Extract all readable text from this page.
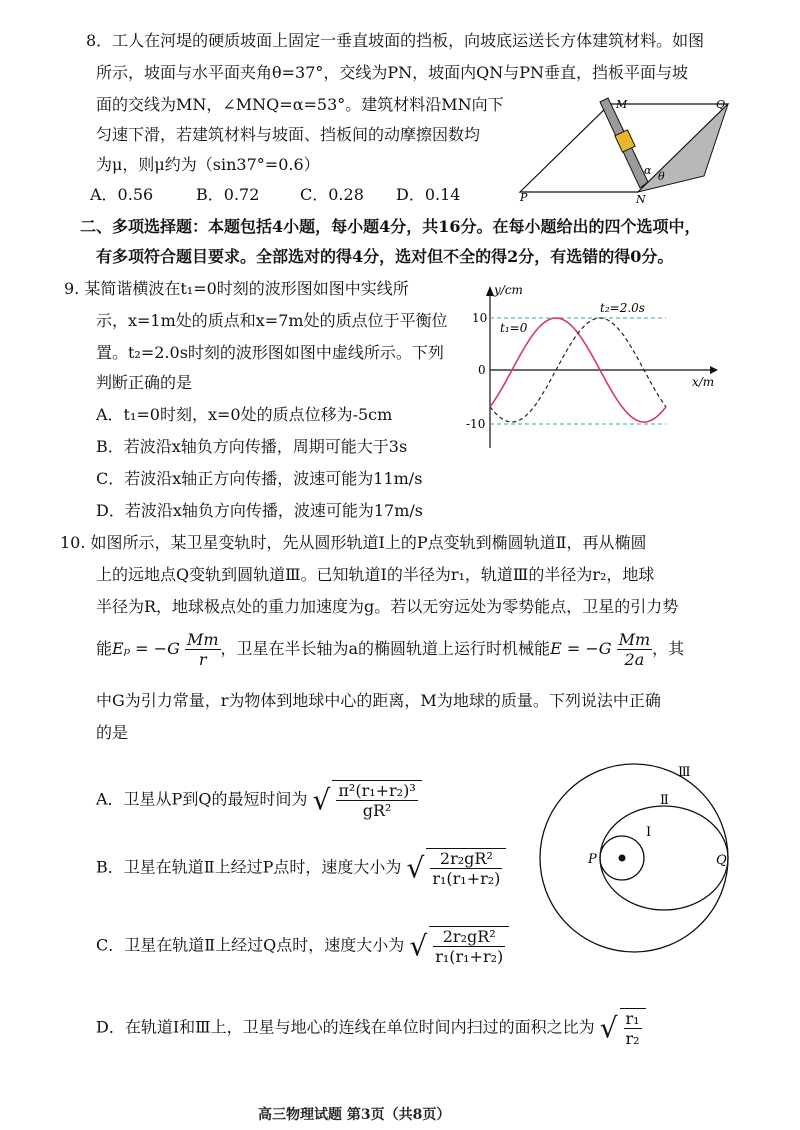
8．工人在河堤的硬质坡面上固定一垂直坡面的挡板，向坡底运送长方体建筑材料。如图
所示，坡面与水平面夹角θ=37°，交线为PN，坡面内QN与PN垂直，挡板平面与坡
面的交线为MN，∠MNQ=α=53°。建筑材料沿MN向下
匀速下滑，若建筑材料与坡面、挡板间的动摩擦因数均
为μ，则μ约为（sin37°=0.6）
A．0.56	B．0.72	C．0.28 D．0.14
M	Q
P	N
α θ
二、多项选择题：本题包括4小题，每小题4分，共16分。在每小题给出的四个选项中，
有多项符合题目要求。全部选对的得4分，选对但不全的得2分，有选错的得0分。
9. 某简谐横波在t₁=0时刻的波形图如图中实线所
示，x=1m处的质点和x=7m处的质点位于平衡位
置。t₂=2.0s时刻的波形图如图中虚线所示。下列
判断正确的是
A．t₁=0时刻，x=0处的质点位移为-5cm
B．若波沿x轴负方向传播，周期可能大于3s
C．若波沿x轴正方向传播，波速可能为11m/s
D．若波沿x轴负方向传播，波速可能为17m/s
y/cm
x/m
10
0
-10
t₁=0
t₂=2.0s
10. 如图所示，某卫星变轨时，先从圆形轨道Ⅰ上的P点变轨到椭圆轨道Ⅱ，再从椭圆
上的远地点Q变轨到圆轨道Ⅲ。已知轨道Ⅰ的半径为r₁，轨道Ⅲ的半径为r₂，地球
半径为R，地球极点处的重力加速度为g。若以无穷远处为零势能点，卫星的引力势
能$E_p = -G \frac{Mm}{r}$ ，卫星在半长轴为a的椭圆轨道上运行时机械能$E = -G \frac{Mm}{2a}$ ，其
中G为引力常量，r为物体到地球中心的距离，M为地球的质量。下列说法中正确
的是
A．卫星从P到Q的最短时间为 √ $\frac{\text{π²(r₁+r₂)³}}{\text{gR²}}$
B．卫星在轨道Ⅱ上经过P点时，速度大小为 √ $\frac{\text{2r₂gR²}}{\text{r₁(r₁+r₂)}}$
C．卫星在轨道Ⅱ上经过Q点时，速度大小为 √ $\frac{\text{2r₂gR²}}{\text{r₁(r₁+r₂)}}$
D．在轨道Ⅰ和Ⅲ上，卫星与地心的连线在单位时间内扫过的面积之比为 √ $\frac{\text{r₁}}{\text{r₂}}$
Ⅲ
Ⅱ
Ⅰ
P	Q
高三物理试题 第3页（共8页）
